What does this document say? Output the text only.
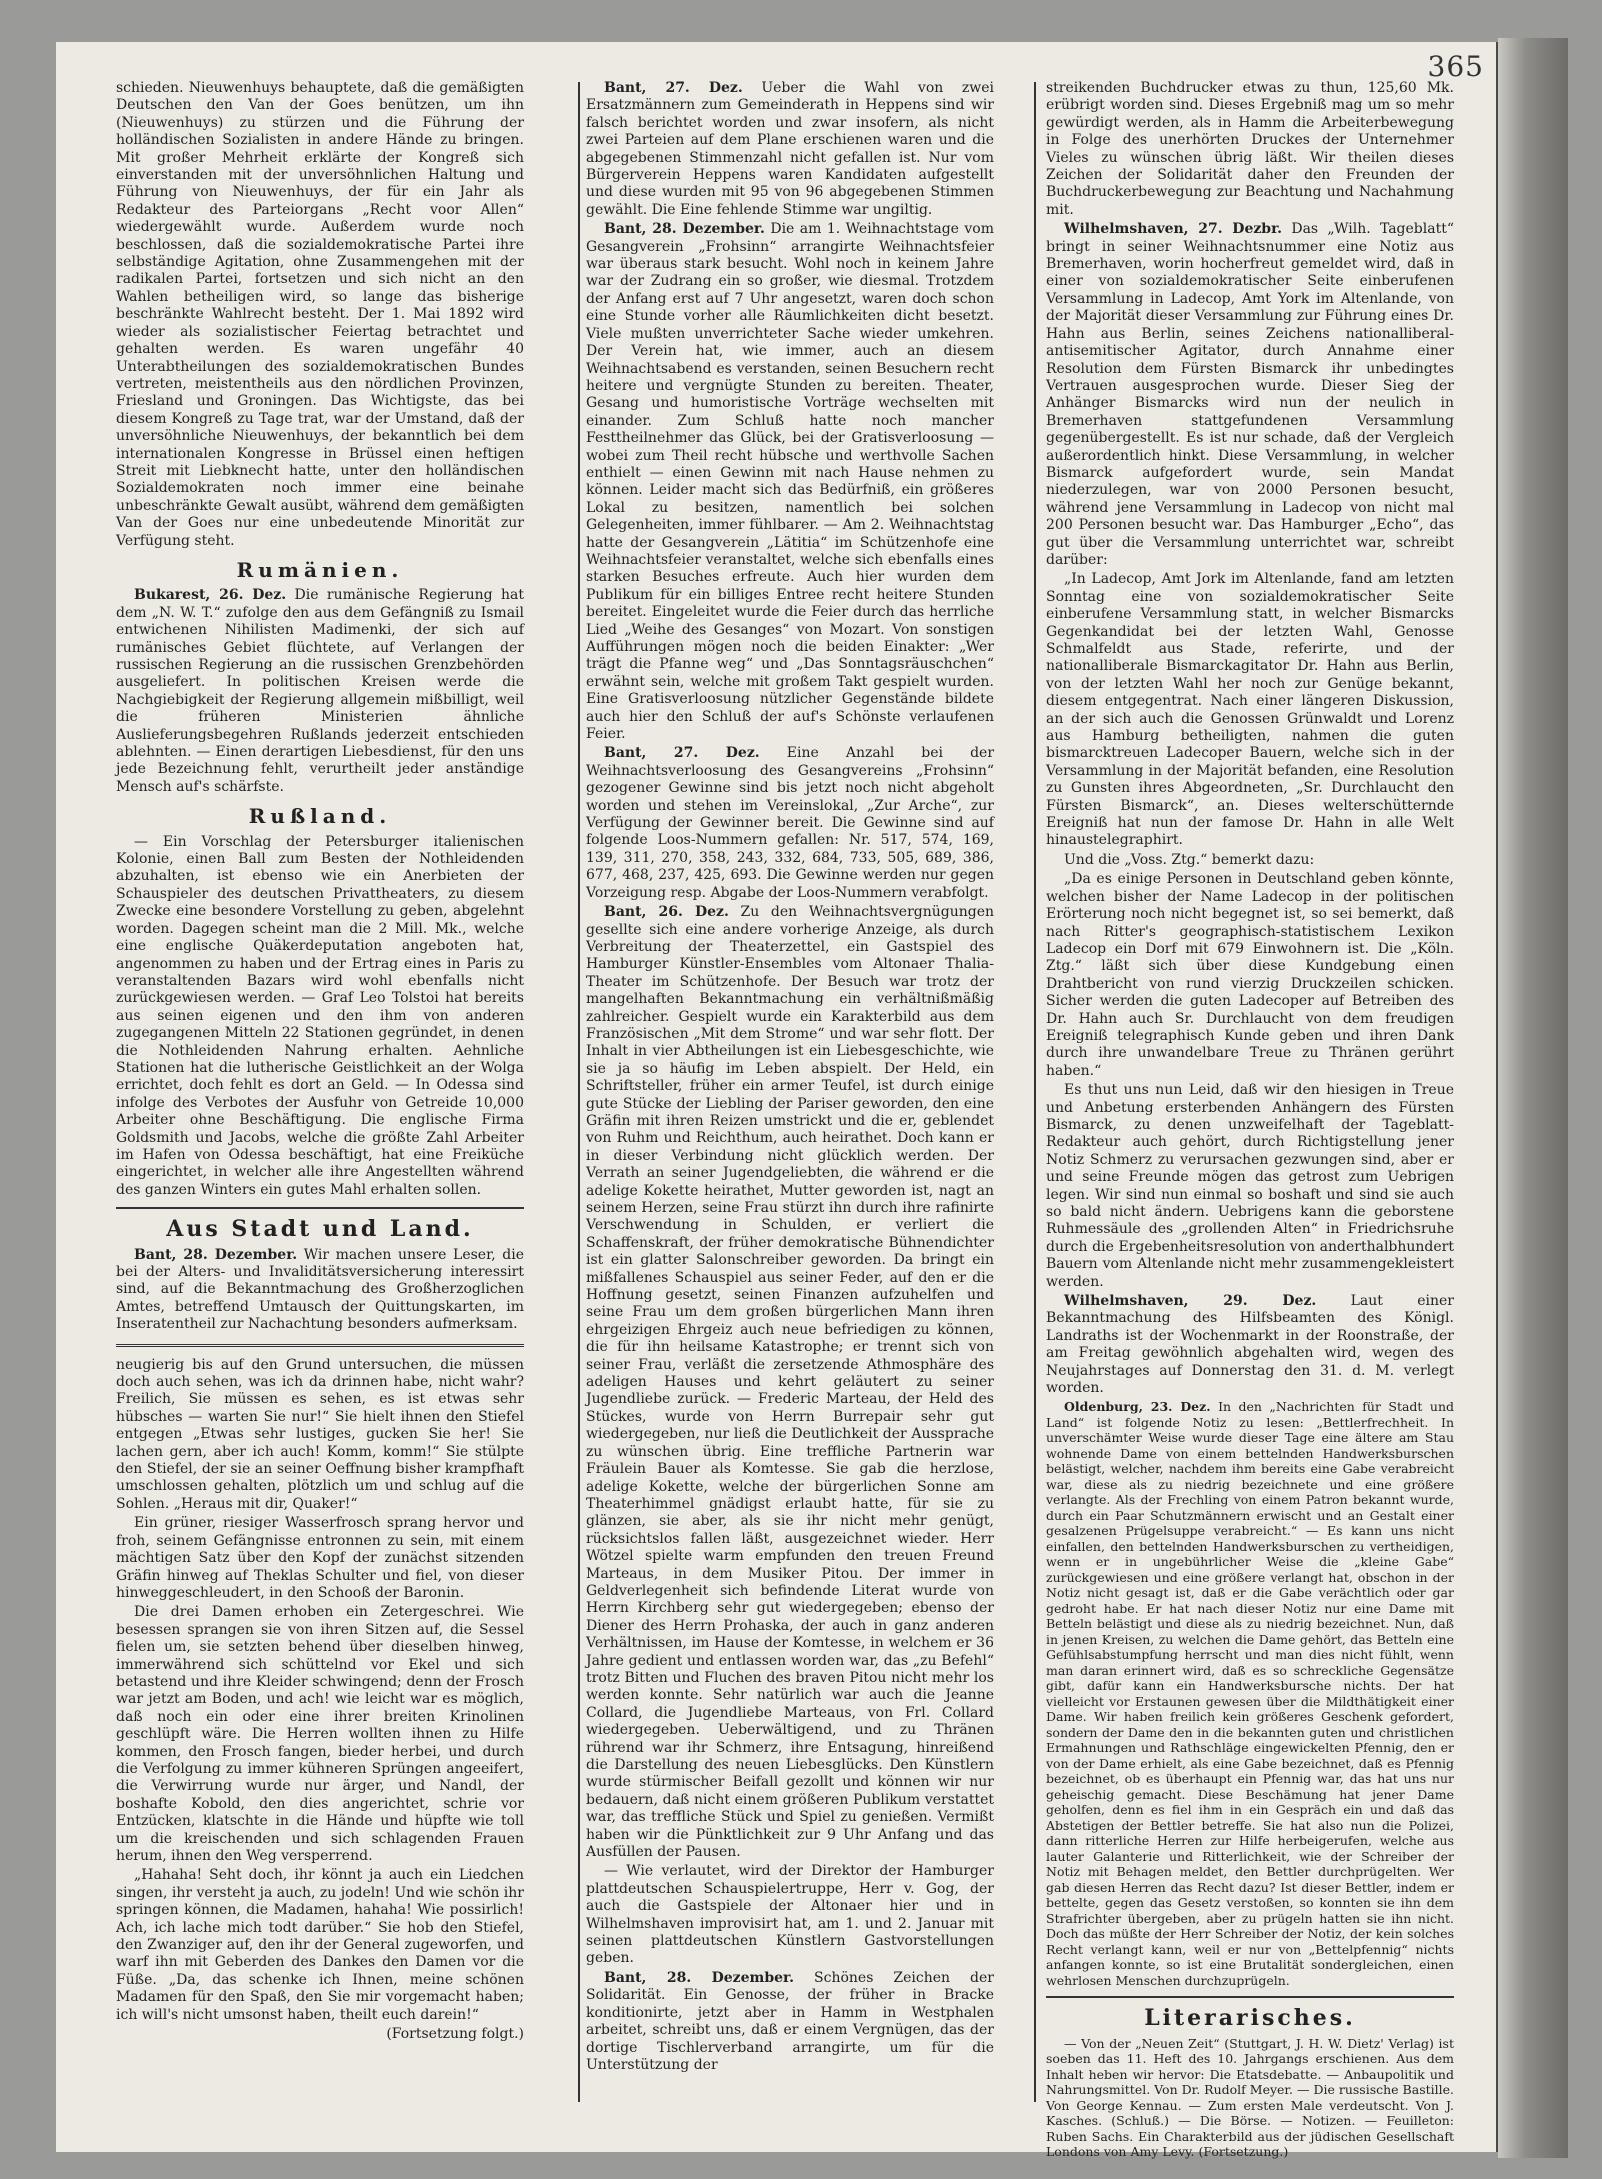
365

schieden. Nieuwenhuys behauptete, daß die gemäßigten Deutschen den Van der Goes benützen, um ihn (Nieuwenhuys) zu stürzen und die Führung der holländischen Sozialisten in andere Hände zu bringen. Mit großer Mehrheit erklärte der Kongreß sich einverstanden mit der unversöhnlichen Haltung und Führung von Nieuwenhuys, der für ein Jahr als Redakteur des Parteiorgans „Recht voor Allen“ wiedergewählt wurde. Außerdem wurde noch beschlossen, daß die sozialdemokratische Partei ihre selbständige Agitation, ohne Zusammengehen mit der radikalen Partei, fortsetzen und sich nicht an den Wahlen betheiligen wird, so lange das bisherige beschränkte Wahlrecht besteht. Der 1. Mai 1892 wird wieder als sozialistischer Feiertag betrachtet und gehalten werden. Es waren ungefähr 40 Unterabtheilungen des sozialdemokratischen Bundes vertreten, meistentheils aus den nördlichen Provinzen, Friesland und Groningen. Das Wichtigste, das bei diesem Kongreß zu Tage trat, war der Umstand, daß der unversöhnliche Nieuwenhuys, der bekanntlich bei dem internationalen Kongresse in Brüssel einen heftigen Streit mit Liebknecht hatte, unter den holländischen Sozialdemokraten noch immer eine beinahe unbeschränkte Gewalt ausübt, während dem gemäßigten Van der Goes nur eine unbedeutende Minorität zur Verfügung steht.

Rumänien.

Bukarest, 26. Dez. Die rumänische Regierung hat dem „N. W. T.“ zufolge den aus dem Gefängniß zu Ismail entwichenen Nihilisten Madimenki, der sich auf rumänisches Gebiet flüchtete, auf Verlangen der russischen Regierung an die russischen Grenzbehörden ausgeliefert. In politischen Kreisen werde die Nachgiebigkeit der Regierung allgemein mißbilligt, weil die früheren Ministerien ähnliche Auslieferungsbegehren Rußlands jederzeit entschieden ablehnten. — Einen derartigen Liebesdienst, für den uns jede Bezeichnung fehlt, verurtheilt jeder anständige Mensch auf's schärfste.

Rußland.

— Ein Vorschlag der Petersburger italienischen Kolonie, einen Ball zum Besten der Nothleidenden abzuhalten, ist ebenso wie ein Anerbieten der Schauspieler des deutschen Privattheaters, zu diesem Zwecke eine besondere Vorstellung zu geben, abgelehnt worden. Dagegen scheint man die 2 Mill. Mk., welche eine englische Quäkerdeputation angeboten hat, angenommen zu haben und der Ertrag eines in Paris zu veranstaltenden Bazars wird wohl ebenfalls nicht zurückgewiesen werden. — Graf Leo Tolstoi hat bereits aus seinen eigenen und den ihm von anderen zugegangenen Mitteln 22 Stationen gegründet, in denen die Nothleidenden Nahrung erhalten. Aehnliche Stationen hat die lutherische Geistlichkeit an der Wolga errichtet, doch fehlt es dort an Geld. — In Odessa sind infolge des Verbotes der Ausfuhr von Getreide 10,000 Arbeiter ohne Beschäftigung. Die englische Firma Goldsmith und Jacobs, welche die größte Zahl Arbeiter im Hafen von Odessa beschäftigt, hat eine Freiküche eingerichtet, in welcher alle ihre Angestellten während des ganzen Winters ein gutes Mahl erhalten sollen.

Aus Stadt und Land.

Bant, 28. Dezember. Wir machen unsere Leser, die bei der Alters- und Invaliditätsversicherung interessirt sind, auf die Bekanntmachung des Großherzoglichen Amtes, betreffend Umtausch der Quittungskarten, im Inseratentheil zur Nachachtung besonders aufmerksam.

neugierig bis auf den Grund untersuchen, die müssen doch auch sehen, was ich da drinnen habe, nicht wahr? Freilich, Sie müssen es sehen, es ist etwas sehr hübsches — warten Sie nur!“ Sie hielt ihnen den Stiefel entgegen „Etwas sehr lustiges, gucken Sie her! Sie lachen gern, aber ich auch! Komm, komm!“ Sie stülpte den Stiefel, der sie an seiner Oeffnung bisher krampfhaft umschlossen gehalten, plötzlich um und schlug auf die Sohlen. „Heraus mit dir, Quaker!“

Ein grüner, riesiger Wasserfrosch sprang hervor und froh, seinem Gefängnisse entronnen zu sein, mit einem mächtigen Satz über den Kopf der zunächst sitzenden Gräfin hinweg auf Theklas Schulter und fiel, von dieser hinweggeschleudert, in den Schooß der Baronin.

Die drei Damen erhoben ein Zetergeschrei. Wie besessen sprangen sie von ihren Sitzen auf, die Sessel fielen um, sie setzten behend über dieselben hinweg, immerwährend sich schüttelnd vor Ekel und sich betastend und ihre Kleider schwingend; denn der Frosch war jetzt am Boden, und ach! wie leicht war es möglich, daß noch ein oder eine ihrer breiten Krinolinen geschlüpft wäre. Die Herren wollten ihnen zu Hilfe kommen, den Frosch fangen, bieder herbei, und durch die Verfolgung zu immer kühneren Sprüngen angeeifert, die Verwirrung wurde nur ärger, und Nandl, der boshafte Kobold, den dies angerichtet, schrie vor Entzücken, klatschte in die Hände und hüpfte wie toll um die kreischenden und sich schlagenden Frauen herum, ihnen den Weg versperrend.

„Hahaha! Seht doch, ihr könnt ja auch ein Liedchen singen, ihr versteht ja auch, zu jodeln! Und wie schön ihr springen können, die Madamen, hahaha! Wie possirlich! Ach, ich lache mich todt darüber.“ Sie hob den Stiefel, den Zwanziger auf, den ihr der General zugeworfen, und warf ihn mit Geberden des Dankes den Damen vor die Füße. „Da, das schenke ich Ihnen, meine schönen Madamen für den Spaß, den Sie mir vorgemacht haben; ich will's nicht umsonst haben, theilt euch darein!“

(Fortsetzung folgt.)

Bant, 27. Dez. Ueber die Wahl von zwei Ersatzmännern zum Gemeinderath in Heppens sind wir falsch berichtet worden und zwar insofern, als nicht zwei Parteien auf dem Plane erschienen waren und die abgegebenen Stimmenzahl nicht gefallen ist. Nur vom Bürgerverein Heppens waren Kandidaten aufgestellt und diese wurden mit 95 von 96 abgegebenen Stimmen gewählt. Die Eine fehlende Stimme war ungiltig.

Bant, 28. Dezember. Die am 1. Weihnachtstage vom Gesangverein „Frohsinn“ arrangirte Weihnachtsfeier war überaus stark besucht. Wohl noch in keinem Jahre war der Zudrang ein so großer, wie diesmal. Trotzdem der Anfang erst auf 7 Uhr angesetzt, waren doch schon eine Stunde vorher alle Räumlichkeiten dicht besetzt. Viele mußten unverrichteter Sache wieder umkehren. Der Verein hat, wie immer, auch an diesem Weihnachtsabend es verstanden, seinen Besuchern recht heitere und vergnügte Stunden zu bereiten. Theater, Gesang und humoristische Vorträge wechselten mit einander. Zum Schluß hatte noch mancher Festtheilnehmer das Glück, bei der Gratisverloosung — wobei zum Theil recht hübsche und werthvolle Sachen enthielt — einen Gewinn mit nach Hause nehmen zu können. Leider macht sich das Bedürfniß, ein größeres Lokal zu besitzen, namentlich bei solchen Gelegenheiten, immer fühlbarer. — Am 2. Weihnachtstag hatte der Gesangverein „Lätitia“ im Schützenhofe eine Weihnachtsfeier veranstaltet, welche sich ebenfalls eines starken Besuches erfreute. Auch hier wurden dem Publikum für ein billiges Entree recht heitere Stunden bereitet. Eingeleitet wurde die Feier durch das herrliche Lied „Weihe des Gesanges“ von Mozart. Von sonstigen Aufführungen mögen noch die beiden Einakter: „Wer trägt die Pfanne weg“ und „Das Sonntagsräuschchen“ erwähnt sein, welche mit großem Takt gespielt wurden. Eine Gratisverloosung nützlicher Gegenstände bildete auch hier den Schluß der auf's Schönste verlaufenen Feier.

Bant, 27. Dez. Eine Anzahl bei der Weihnachtsverloosung des Gesangvereins „Frohsinn“ gezogener Gewinne sind bis jetzt noch nicht abgeholt worden und stehen im Vereinslokal, „Zur Arche“, zur Verfügung der Gewinner bereit. Die Gewinne sind auf folgende Loos-Nummern gefallen: Nr. 517, 574, 169, 139, 311, 270, 358, 243, 332, 684, 733, 505, 689, 386, 677, 468, 237, 425, 693. Die Gewinne werden nur gegen Vorzeigung resp. Abgabe der Loos-Nummern verabfolgt.

Bant, 26. Dez. Zu den Weihnachtsvergnügungen gesellte sich eine andere vorherige Anzeige, als durch Verbreitung der Theaterzettel, ein Gastspiel des Hamburger Künstler-Ensembles vom Altonaer Thalia-Theater im Schützenhofe. Der Besuch war trotz der mangelhaften Bekanntmachung ein verhältnißmäßig zahlreicher. Gespielt wurde ein Karakterbild aus dem Französischen „Mit dem Strome“ und war sehr flott. Der Inhalt in vier Abtheilungen ist ein Liebesgeschichte, wie sie ja so häufig im Leben abspielt. Der Held, ein Schriftsteller, früher ein armer Teufel, ist durch einige gute Stücke der Liebling der Pariser geworden, den eine Gräfin mit ihren Reizen umstrickt und die er, geblendet von Ruhm und Reichthum, auch heirathet. Doch kann er in dieser Verbindung nicht glücklich werden. Der Verrath an seiner Jugendgeliebten, die während er die adelige Kokette heirathet, Mutter geworden ist, nagt an seinem Herzen, seine Frau stürzt ihn durch ihre rafinirte Verschwendung in Schulden, er verliert die Schaffenskraft, der früher demokratische Bühnendichter ist ein glatter Salonschreiber geworden. Da bringt ein mißfallenes Schauspiel aus seiner Feder, auf den er die Hoffnung gesetzt, seinen Finanzen aufzuhelfen und seine Frau um dem großen bürgerlichen Mann ihren ehrgeizigen Ehrgeiz auch neue befriedigen zu können, die für ihn heilsame Katastrophe; er trennt sich von seiner Frau, verläßt die zersetzende Athmosphäre des adeligen Hauses und kehrt geläutert zu seiner Jugendliebe zurück. — Frederic Marteau, der Held des Stückes, wurde von Herrn Burrepair sehr gut wiedergegeben, nur ließ die Deutlichkeit der Aussprache zu wünschen übrig. Eine treffliche Partnerin war Fräulein Bauer als Komtesse. Sie gab die herzlose, adelige Kokette, welche der bürgerlichen Sonne am Theaterhimmel gnädigst erlaubt hatte, für sie zu glänzen, sie aber, als sie ihr nicht mehr genügt, rücksichtslos fallen läßt, ausgezeichnet wieder. Herr Wötzel spielte warm empfunden den treuen Freund Marteaus, in dem Musiker Pitou. Der immer in Geldverlegenheit sich befindende Literat wurde von Herrn Kirchberg sehr gut wiedergegeben; ebenso der Diener des Herrn Prohaska, der auch in ganz anderen Verhältnissen, im Hause der Komtesse, in welchem er 36 Jahre gedient und entlassen worden war, das „zu Befehl“ trotz Bitten und Fluchen des braven Pitou nicht mehr los werden konnte. Sehr natürlich war auch die Jeanne Collard, die Jugendliebe Marteaus, von Frl. Collard wiedergegeben. Ueberwältigend, und zu Thränen rührend war ihr Schmerz, ihre Entsagung, hinreißend die Darstellung des neuen Liebesglücks. Den Künstlern wurde stürmischer Beifall gezollt und können wir nur bedauern, daß nicht einem größeren Publikum verstattet war, das treffliche Stück und Spiel zu genießen. Vermißt haben wir die Pünktlichkeit zur 9 Uhr Anfang und das Ausfüllen der Pausen.

— Wie verlautet, wird der Direktor der Hamburger plattdeutschen Schauspielertruppe, Herr v. Gog, der auch die Gastspiele der Altonaer hier und in Wilhelmshaven improvisirt hat, am 1. und 2. Januar mit seinen plattdeutschen Künstlern Gastvorstellungen geben.

Bant, 28. Dezember. Schönes Zeichen der Solidarität. Ein Genosse, der früher in Bracke konditionirte, jetzt aber in Hamm in Westphalen arbeitet, schreibt uns, daß er einem Vergnügen, das der dortige Tischlerverband arrangirte, um für die Unterstützung der

streikenden Buchdrucker etwas zu thun, 125,60 Mk. erübrigt worden sind. Dieses Ergebniß mag um so mehr gewürdigt werden, als in Hamm die Arbeiterbewegung in Folge des unerhörten Druckes der Unternehmer Vieles zu wünschen übrig läßt. Wir theilen dieses Zeichen der Solidarität daher den Freunden der Buchdruckerbewegung zur Beachtung und Nachahmung mit.

Wilhelmshaven, 27. Dezbr. Das „Wilh. Tageblatt“ bringt in seiner Weihnachtsnummer eine Notiz aus Bremerhaven, worin hocherfreut gemeldet wird, daß in einer von sozialdemokratischer Seite einberufenen Versammlung in Ladecop, Amt York im Altenlande, von der Majorität dieser Versammlung zur Führung eines Dr. Hahn aus Berlin, seines Zeichens nationalliberal-antisemitischer Agitator, durch Annahme einer Resolution dem Fürsten Bismarck ihr unbedingtes Vertrauen ausgesprochen wurde. Dieser Sieg der Anhänger Bismarcks wird nun der neulich in Bremerhaven stattgefundenen Versammlung gegenübergestellt. Es ist nur schade, daß der Vergleich außerordentlich hinkt. Diese Versammlung, in welcher Bismarck aufgefordert wurde, sein Mandat niederzulegen, war von 2000 Personen besucht, während jene Versammlung in Ladecop von nicht mal 200 Personen besucht war. Das Hamburger „Echo“, das gut über die Versammlung unterrichtet war, schreibt darüber:

„In Ladecop, Amt Jork im Altenlande, fand am letzten Sonntag eine von sozialdemokratischer Seite einberufene Versammlung statt, in welcher Bismarcks Gegenkandidat bei der letzten Wahl, Genosse Schmalfeldt aus Stade, referirte, und der nationalliberale Bismarckagitator Dr. Hahn aus Berlin, von der letzten Wahl her noch zur Genüge bekannt, diesem entgegentrat. Nach einer längeren Diskussion, an der sich auch die Genossen Grünwaldt und Lorenz aus Hamburg betheiligten, nahmen die guten bismarcktreuen Ladecoper Bauern, welche sich in der Versammlung in der Majorität befanden, eine Resolution zu Gunsten ihres Abgeordneten, „Sr. Durchlaucht den Fürsten Bismarck“, an. Dieses welterschütternde Ereigniß hat nun der famose Dr. Hahn in alle Welt hinaustelegraphirt.

Und die „Voss. Ztg.“ bemerkt dazu:

„Da es einige Personen in Deutschland geben könnte, welchen bisher der Name Ladecop in der politischen Erörterung noch nicht begegnet ist, so sei bemerkt, daß nach Ritter's geographisch-statistischem Lexikon Ladecop ein Dorf mit 679 Einwohnern ist. Die „Köln. Ztg.“ läßt sich über diese Kundgebung einen Drahtbericht von rund vierzig Druckzeilen schicken. Sicher werden die guten Ladecoper auf Betreiben des Dr. Hahn auch Sr. Durchlaucht von dem freudigen Ereigniß telegraphisch Kunde geben und ihren Dank durch ihre unwandelbare Treue zu Thränen gerührt haben.“

Es thut uns nun Leid, daß wir den hiesigen in Treue und Anbetung ersterbenden Anhängern des Fürsten Bismarck, zu denen unzweifelhaft der Tageblatt-Redakteur auch gehört, durch Richtigstellung jener Notiz Schmerz zu verursachen gezwungen sind, aber er und seine Freunde mögen das getrost zum Uebrigen legen. Wir sind nun einmal so boshaft und sind sie auch so bald nicht ändern. Uebrigens kann die geborstene Ruhmessäule des „grollenden Alten“ in Friedrichsruhe durch die Ergebenheitsresolution von anderthalbhundert Bauern vom Altenlande nicht mehr zusammengekleistert werden.

Wilhelmshaven, 29. Dez. Laut einer Bekanntmachung des Hilfsbeamten des Königl. Landraths ist der Wochenmarkt in der Roonstraße, der am Freitag gewöhnlich abgehalten wird, wegen des Neujahrstages auf Donnerstag den 31. d. M. verlegt worden.

Oldenburg, 23. Dez. In den „Nachrichten für Stadt und Land“ ist folgende Notiz zu lesen: „Bettlerfrechheit. In unverschämter Weise wurde dieser Tage eine ältere am Stau wohnende Dame von einem bettelnden Handwerksburschen belästigt, welcher, nachdem ihm bereits eine Gabe verabreicht war, diese als zu niedrig bezeichnete und eine größere verlangte. Als der Frechling von einem Patron bekannt wurde, durch ein Paar Schutzmännern erwischt und an Gestalt einer gesalzenen Prügelsuppe verabreicht.“ — Es kann uns nicht einfallen, den bettelnden Handwerksburschen zu vertheidigen, wenn er in ungebührlicher Weise die „kleine Gabe“ zurückgewiesen und eine größere verlangt hat, obschon in der Notiz nicht gesagt ist, daß er die Gabe verächtlich oder gar gedroht habe. Er hat nach dieser Notiz nur eine Dame mit Betteln belästigt und diese als zu niedrig bezeichnet. Nun, daß in jenen Kreisen, zu welchen die Dame gehört, das Betteln eine Gefühlsabstumpfung herrscht und man dies nicht fühlt, wenn man daran erinnert wird, daß es so schreckliche Gegensätze gibt, dafür kann ein Handwerksbursche nichts. Der hat vielleicht vor Erstaunen gewesen über die Mildthätigkeit einer Dame. Wir haben freilich kein größeres Geschenk gefordert, sondern der Dame den in die bekannten guten und christlichen Ermahnungen und Rathschläge eingewickelten Pfennig, den er von der Dame erhielt, als eine Gabe bezeichnet, daß es Pfennig bezeichnet, ob es überhaupt ein Pfennig war, das hat uns nur geheischig gemacht. Diese Beschämung hat jener Dame geholfen, denn es fiel ihm in ein Gespräch ein und daß das Abstetigen der Bettler betreffe. Sie hat also nun die Polizei, dann ritterliche Herren zur Hilfe herbeigerufen, welche aus lauter Galanterie und Ritterlichkeit, wie der Schreiber der Notiz mit Behagen meldet, den Bettler durchprügelten. Wer gab diesen Herren das Recht dazu? Ist dieser Bettler, indem er bettelte, gegen das Gesetz verstoßen, so konnten sie ihn dem Strafrichter übergeben, aber zu prügeln hatten sie ihn nicht. Doch das müßte der Herr Schreiber der Notiz, der kein solches Recht verlangt kann, weil er nur von „Bettelpfennig“ nichts anfangen konnte, so ist eine Brutalität sondergleichen, einen wehrlosen Menschen durchzuprügeln.

Literarisches.

— Von der „Neuen Zeit“ (Stuttgart, J. H. W. Dietz' Verlag) ist soeben das 11. Heft des 10. Jahrgangs erschienen. Aus dem Inhalt heben wir hervor: Die Etatsdebatte. — Anbaupolitik und Nahrungsmittel. Von Dr. Rudolf Meyer. — Die russische Bastille. Von George Kennau. — Zum ersten Male verdeutscht. Von J. Kasches. (Schluß.) — Die Börse. — Notizen. — Feuilleton: Ruben Sachs. Ein Charakterbild aus der jüdischen Gesellschaft Londons von Amy Levy. (Fortsetzung.)
